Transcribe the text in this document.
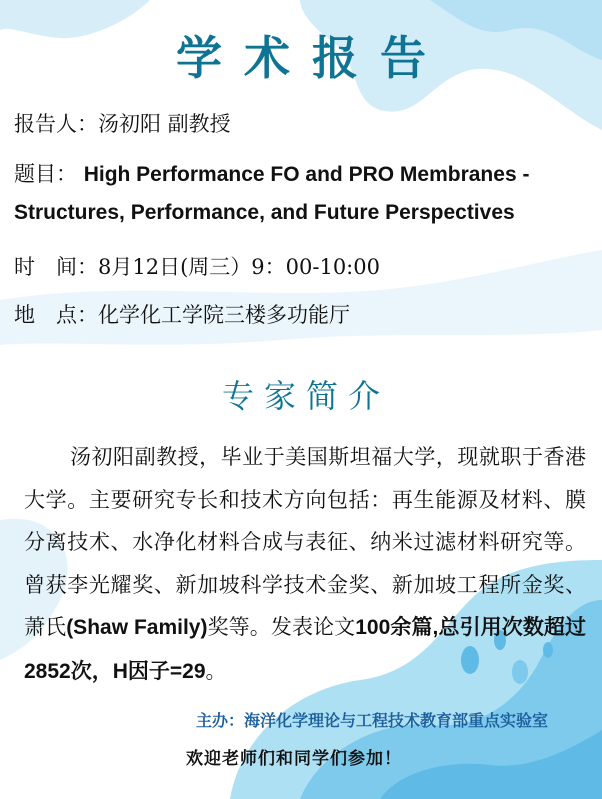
学术报告
报告人：汤初阳 副教授
题目： High Performance FO and PRO Membranes -
Structures, Performance, and Future Perspectives
时　间：8月12日(周三）9：00-10:00
地　点：化学化工学院三楼多功能厅
专家简介
汤初阳副教授，毕业于美国斯坦福大学，现就职于香港大学。主要研究专长和技术方向包括：再生能源及材料、膜分离技术、水净化材料合成与表征、纳米过滤材料研究等。曾获李光耀奖、新加坡科学技术金奖、新加坡工程所金奖、萧氏(Shaw Family)奖等。发表论文100余篇,总引用次数超过2852次，H因子=29。
主办：海洋化学理论与工程技术教育部重点实验室
欢迎老师们和同学们参加！
